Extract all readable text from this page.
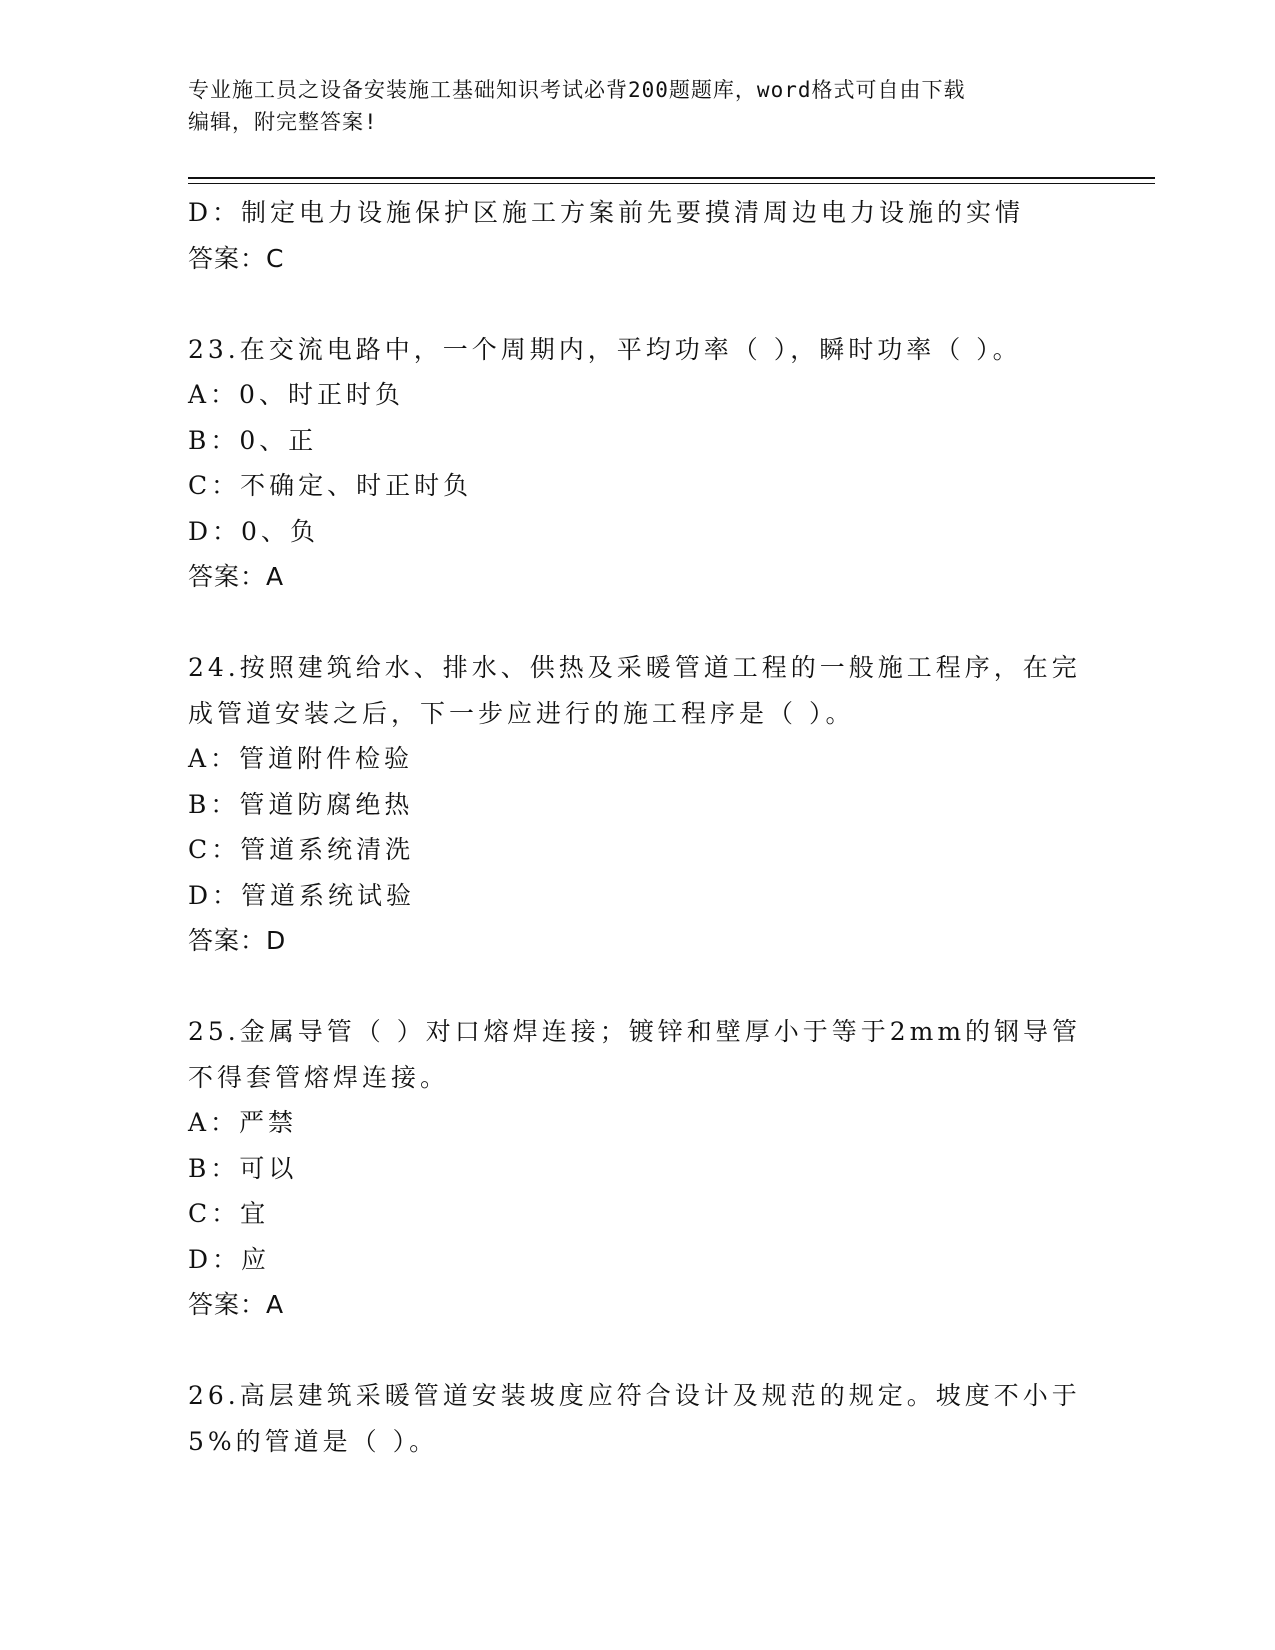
专业施工员之设备安装施工基础知识考试必背200题题库，word格式可自由下载
编辑，附完整答案!
D：制定电力设施保护区施工方案前先要摸清周边电力设施的实情
答案：C
23.在交流电路中，一个周期内，平均功率（ ），瞬时功率（ ）。
A：0、时正时负
B：0、正
C：不确定、时正时负
D：0、负
答案：A
24.按照建筑给水、排水、供热及采暖管道工程的一般施工程序，在完
成管道安装之后，下一步应进行的施工程序是（ ）。
A：管道附件检验
B：管道防腐绝热
C：管道系统清洗
D：管道系统试验
答案：D
25.金属导管（ ）对口熔焊连接；镀锌和壁厚小于等于2mm的钢导管
不得套管熔焊连接。
A：严禁
B：可以
C：宜
D：应
答案：A
26.高层建筑采暖管道安装坡度应符合设计及规范的规定。坡度不小于
5%的管道是（ ）。
